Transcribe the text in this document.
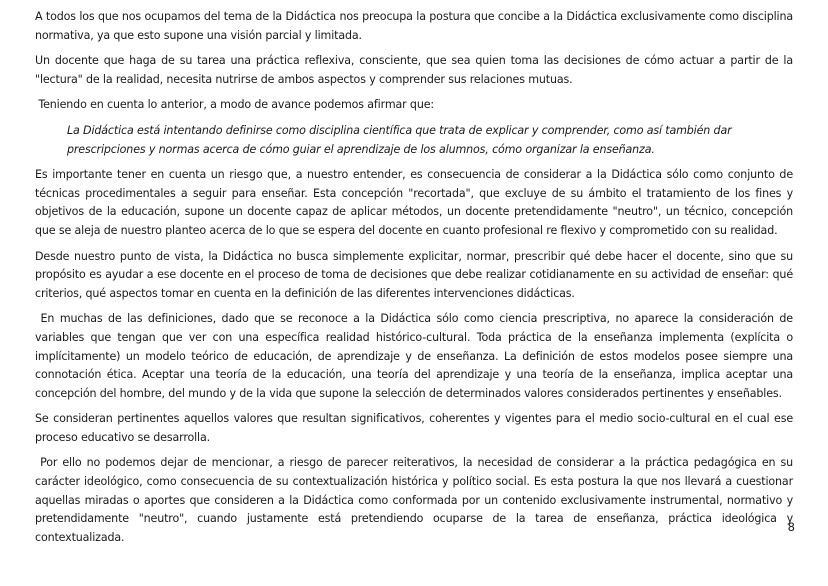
A todos los que nos ocupamos del tema de la Didáctica nos preocupa la postura que concibe a la Didáctica exclusivamente como disciplina normativa, ya que esto supone una visión parcial y limitada.

Un docente que haga de su tarea una práctica reflexiva, consciente, que sea quien toma las decisiones de cómo actuar a partir de la "lectura" de la realidad, necesita nutrirse de ambos aspectos y comprender sus relaciones mutuas.

Teniendo en cuenta lo anterior, a modo de avance podemos afirmar que:

La Didáctica está intentando definirse como disciplina científica que trata de explicar y comprender, como así también dar prescripciones y normas acerca de cómo guiar el aprendizaje de los alumnos, cómo organizar la enseñanza.

Es importante tener en cuenta un riesgo que, a nuestro entender, es consecuencia de considerar a la Didáctica sólo como conjunto de técnicas procedimentales a seguir para enseñar. Esta concepción "recortada", que excluye de su ámbito el tratamiento de los fines y objetivos de la educación, supone un docente capaz de aplicar métodos, un docente pretendidamente "neutro", un técnico, concepción que se aleja de nuestro planteo acerca de lo que se espera del docente en cuanto profesional re flexivo y comprometido con su realidad.

Desde nuestro punto de vista, la Didáctica no busca simplemente explicitar, normar, prescribir qué debe hacer el docente, sino que su propósito es ayudar a ese docente en el proceso de toma de decisiones que debe realizar cotidianamente en su actividad de enseñar: qué criterios, qué aspectos tomar en cuenta en la definición de las diferentes intervenciones didácticas.

En muchas de las definiciones, dado que se reconoce a la Didáctica sólo como ciencia prescriptiva, no aparece la consideración de variables que tengan que ver con una específica realidad histórico-cultural. Toda práctica de la enseñanza implementa (explícita o implícitamente) un modelo teórico de educación, de aprendizaje y de enseñanza. La definición de estos modelos posee siempre una connotación ética. Aceptar una teoría de la educación, una teoría del aprendizaje y una teoría de la enseñanza, implica aceptar una concepción del hombre, del mundo y de la vida que supone la selección de determinados valores considerados pertinentes y enseñables.

Se consideran pertinentes aquellos valores que resultan significativos, coherentes y vigentes para el medio socio-cultural en el cual ese proceso educativo se desarrolla.

Por ello no podemos dejar de mencionar, a riesgo de parecer reiterativos, la necesidad de considerar a la práctica pedagógica en su carácter ideológico, como consecuencia de su contextualización histórica y político social. Es esta postura la que nos llevará a cuestionar aquellas miradas o aportes que consideren a la Didáctica como conformada por un contenido exclusivamente instrumental, normativo y pretendidamente "neutro", cuando justamente está pretendiendo ocuparse de la tarea de enseñanza, práctica ideológica y contextualizada.

8
